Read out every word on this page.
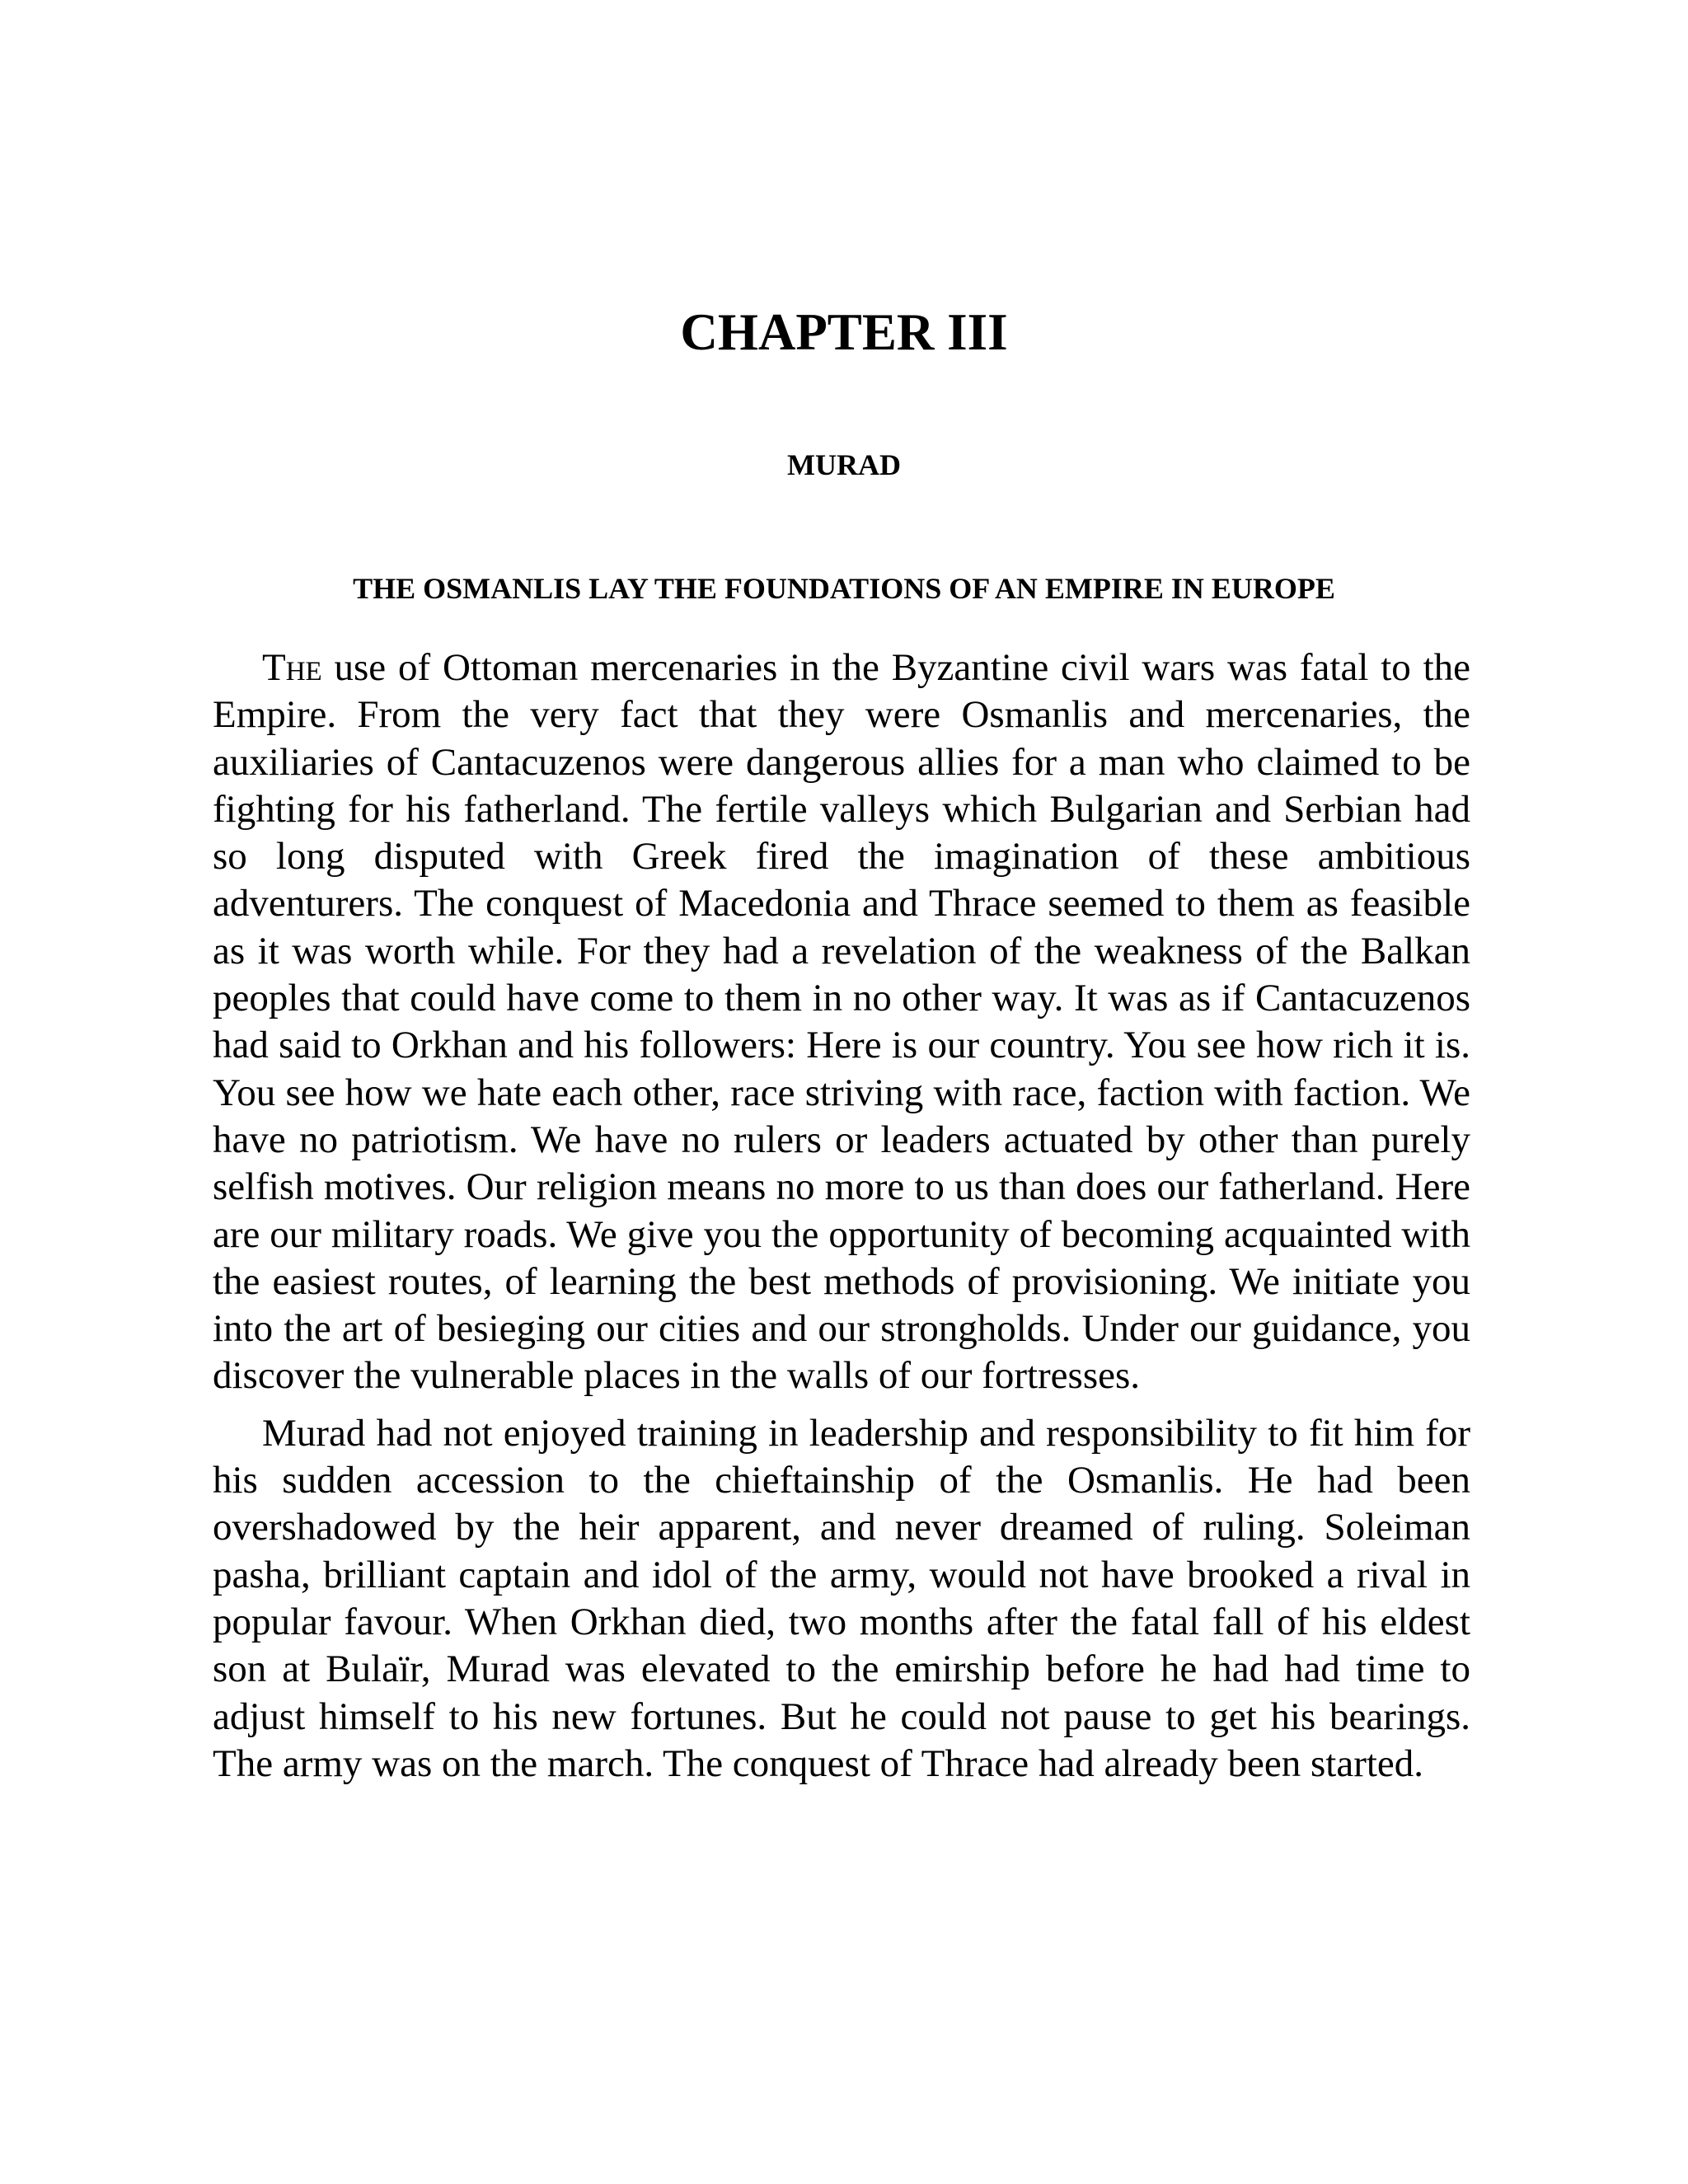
CHAPTER III
MURAD
THE OSMANLIS LAY THE FOUNDATIONS OF AN EMPIRE IN EUROPE

The use of Ottoman mercenaries in the Byzantine civil wars was fatal to the Empire. From the very fact that they were Osmanlis and mercenaries, the auxiliaries of Cantacuzenos were dangerous allies for a man who claimed to be fighting for his fatherland. The fertile valleys which Bulgarian and Serbian had so long disputed with Greek fired the imagination of these ambitious adventurers. The conquest of Macedonia and Thrace seemed to them as feasible as it was worth while. For they had a revelation of the weakness of the Balkan peoples that could have come to them in no other way. It was as if Cantacuzenos had said to Orkhan and his followers: Here is our country. You see how rich it is. You see how we hate each other, race striving with race, faction with faction. We have no patriotism. We have no rulers or leaders actuated by other than purely selfish motives. Our religion means no more to us than does our fatherland. Here are our military roads. We give you the opportunity of becoming acquainted with the easiest routes, of learning the best methods of provisioning. We initiate you into the art of besieging our cities and our strongholds. Under our guidance, you discover the vulnerable places in the walls of our fortresses.

Murad had not enjoyed training in leadership and responsibility to fit him for his sudden accession to the chieftainship of the Osmanlis. He had been overshadowed by the heir apparent, and never dreamed of ruling. Soleiman pasha, brilliant captain and idol of the army, would not have brooked a rival in popular favour. When Orkhan died, two months after the fatal fall of his eldest son at Bulaïr, Murad was elevated to the emirship before he had had time to adjust himself to his new fortunes. But he could not pause to get his bearings. The army was on the march. The conquest of Thrace had already been started.
